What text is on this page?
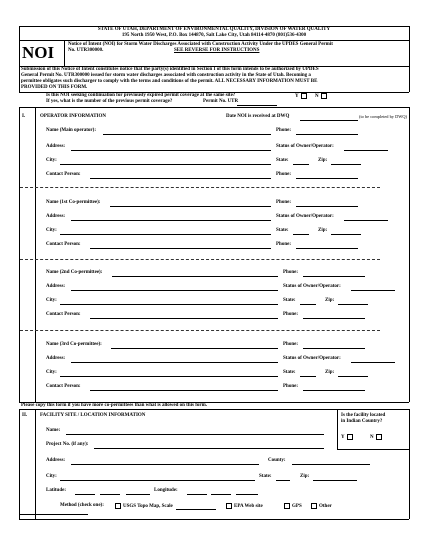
STATE OF UTAH, DEPARTMENT OF ENVIRONMENTAL QUALITY, DIVISION OF WATER QUALITY
195 North 1950 West, P.O. Box 144870, Salt Lake City, Utah 84114-4870 (801)536-4300
NOI	Notice of Intent (NOI) for Storm Water Discharges Associated with Construction Activity Under the UPDES General Permit
No. UTR300000.	SEE REVERSE FOR INSTRUCTIONS
Submission of this Notice of Intent constitutes notice that the party(s) identified in Section I of this form intends to be authorized by UPDES
General Permit No. UTR300000 issued for storm water discharges associated with construction activity in the State of Utah. Becoming a
permittee obligates such discharger to comply with the terms and conditions of the permit. ALL NECESSARY INFORMATION MUST BE
PROVIDED ON THIS FORM.
Is this NOI seeking continuation for previously expired permit coverage at the same site?	Y	N
If yes, what is the number of the previous permit coverage?	Permit No. UTR
I.	OPERATOR INFORMATION	Date NOI is received at DWQ	(to be completed by DWQ)
Name (Main operator):	Phone:
Address:	Status of Owner/Operator:
City:	State:	Zip:
Contact Person:	Phone:
Name (1st Co-permittee):	Phone:
Address:	Status of Owner/Operator:
City:	State:	Zip:
Contact Person:	Phone:
Name (2nd Co-permittee):	Phone:
Address:	Status of Owner/Operator:
City:	State:	Zip:
Contact Person:	Phone:
Name (3rd Co-permittee):	Phone:
Address:	Status of Owner/Operator:
City:	State:	Zip:
Contact Person:	Phone:
Please copy this form if you have more co-permittees than what is allowed on this form.
II.	FACILITY SITE / LOCATION INFORMATION	Is the facility located
in Indian Country?
Y	N
Name:
Project No. (if any):
Address:	County:
City:	State:	Zip:
Latitude:	Longitude:
Method (check one):	USGS Topo Map, Scale	EPA Web site	GPS	Other
